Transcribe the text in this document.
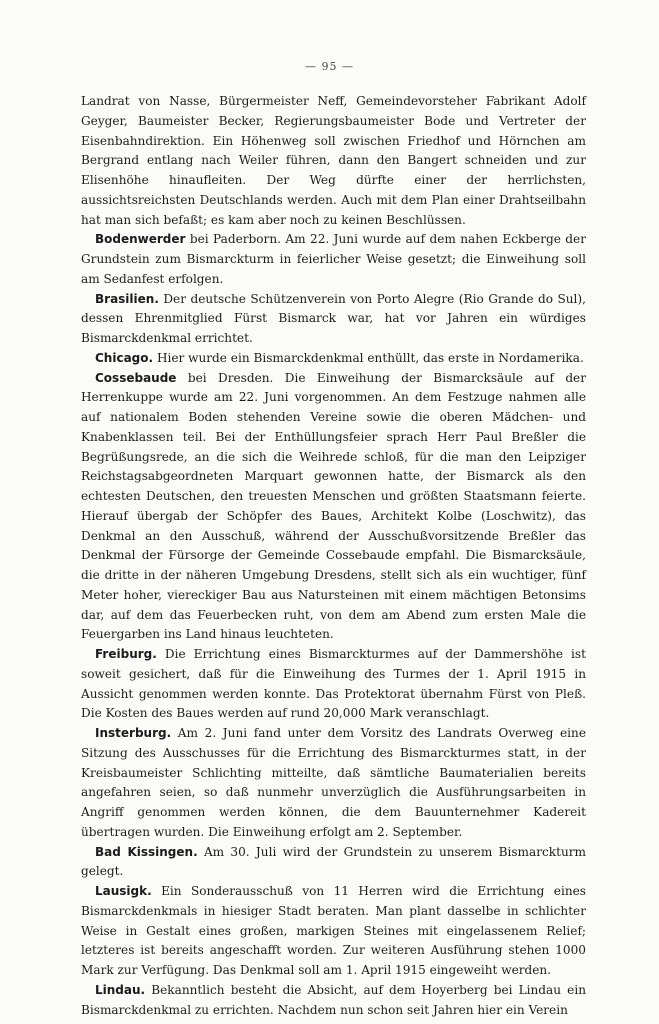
— 95 —

Landrat von Nasse, Bürgermeister Neff, Gemeindevorsteher Fabrikant Adolf Geyger, Baumeister Becker, Regierungsbaumeister Bode und Vertreter der Eisenbahndirektion. Ein Höhenweg soll zwischen Friedhof und Hörnchen am Bergrand entlang nach Weiler führen, dann den Bangert schneiden und zur Elisenhöhe hinaufleiten. Der Weg dürfte einer der herrlichsten, aussichtsreichsten Deutschlands werden. Auch mit dem Plan einer Drahtseilbahn hat man sich befaßt; es kam aber noch zu keinen Beschlüssen.

Bodenwerder bei Paderborn. Am 22. Juni wurde auf dem nahen Eckberge der Grundstein zum Bismarckturm in feierlicher Weise gesetzt; die Einweihung soll am Sedanfest erfolgen.

Brasilien. Der deutsche Schützenverein von Porto Alegre (Rio Grande do Sul), dessen Ehrenmitglied Fürst Bismarck war, hat vor Jahren ein würdiges Bismarckdenkmal errichtet.

Chicago. Hier wurde ein Bismarckdenkmal enthüllt, das erste in Nordamerika.

Cossebaude bei Dresden. Die Einweihung der Bismarcksäule auf der Herrenkuppe wurde am 22. Juni vorgenommen. An dem Festzuge nahmen alle auf nationalem Boden stehenden Vereine sowie die oberen Mädchen- und Knabenklassen teil. Bei der Enthüllungsfeier sprach Herr Paul Breßler die Begrüßungsrede, an die sich die Weihrede schloß, für die man den Leipziger Reichstagsabgeordneten Marquart gewonnen hatte, der Bismarck als den echtesten Deutschen, den treuesten Menschen und größten Staatsmann feierte. Hierauf übergab der Schöpfer des Baues, Architekt Kolbe (Loschwitz), das Denkmal an den Ausschuß, während der Ausschußvorsitzende Breßler das Denkmal der Fürsorge der Gemeinde Cossebaude empfahl. Die Bismarcksäule, die dritte in der näheren Umgebung Dresdens, stellt sich als ein wuchtiger, fünf Meter hoher, viereckiger Bau aus Natursteinen mit einem mächtigen Betonsims dar, auf dem das Feuerbecken ruht, von dem am Abend zum ersten Male die Feuergarben ins Land hinaus leuchteten.

Freiburg. Die Errichtung eines Bismarckturmes auf der Dammershöhe ist soweit gesichert, daß für die Einweihung des Turmes der 1. April 1915 in Aussicht genommen werden konnte. Das Protektorat übernahm Fürst von Pleß. Die Kosten des Baues werden auf rund 20,000 Mark veranschlagt.

Insterburg. Am 2. Juni fand unter dem Vorsitz des Landrats Overweg eine Sitzung des Ausschusses für die Errichtung des Bismarckturmes statt, in der Kreisbaumeister Schlichting mitteilte, daß sämtliche Baumaterialien bereits angefahren seien, so daß nunmehr unverzüglich die Ausführungsarbeiten in Angriff genommen werden können, die dem Bauunternehmer Kadereit übertragen wurden. Die Einweihung erfolgt am 2. September.

Bad Kissingen. Am 30. Juli wird der Grundstein zu unserem Bismarckturm gelegt.

Lausigk. Ein Sonderausschuß von 11 Herren wird die Errichtung eines Bismarckdenkmals in hiesiger Stadt beraten. Man plant dasselbe in schlichter Weise in Gestalt eines großen, markigen Steines mit eingelassenem Relief; letzteres ist bereits angeschafft worden. Zur weiteren Ausführung stehen 1000 Mark zur Verfügung. Das Denkmal soll am 1. April 1915 eingeweiht werden.

Lindau. Bekanntlich besteht die Absicht, auf dem Hoyerberg bei Lindau ein Bismarckdenkmal zu errichten. Nachdem nun schon seit Jahren hier ein Verein
